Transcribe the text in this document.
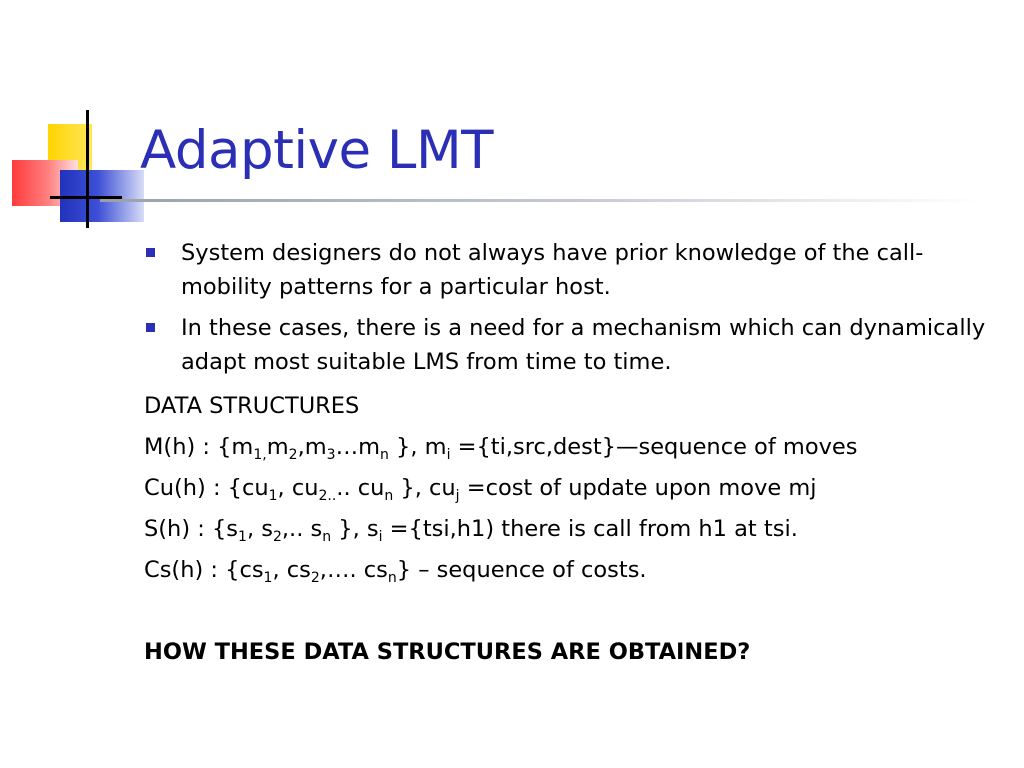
Adaptive LMT
System designers do not always have prior knowledge of the call-mobility patterns for a particular host.
In these cases, there is a need for a mechanism which can dynamically adapt most suitable LMS from time to time.

DATA STRUCTURES

M(h) : {$m_{1,}m_2,m_3\dots m_n$ }, $m_i$ ={ti,src,dest}—sequence of moves

Cu(h) : {$cu_1$, $cu_{2..}$.. $cu_n$ }, $cu_j =\cos t$ of update upon move mj

S(h) : {$s_1$, $s_2$,.. $s_n$ }, $s_i =\{tsi,h1)$ there is call from h1 at tsi.

Cs(h) : {$cs_1$, $cs_2,\dots$. $cs_n$} – sequence of costs.

HOW THESE DATA STRUCTURES ARE OBTAINED?
